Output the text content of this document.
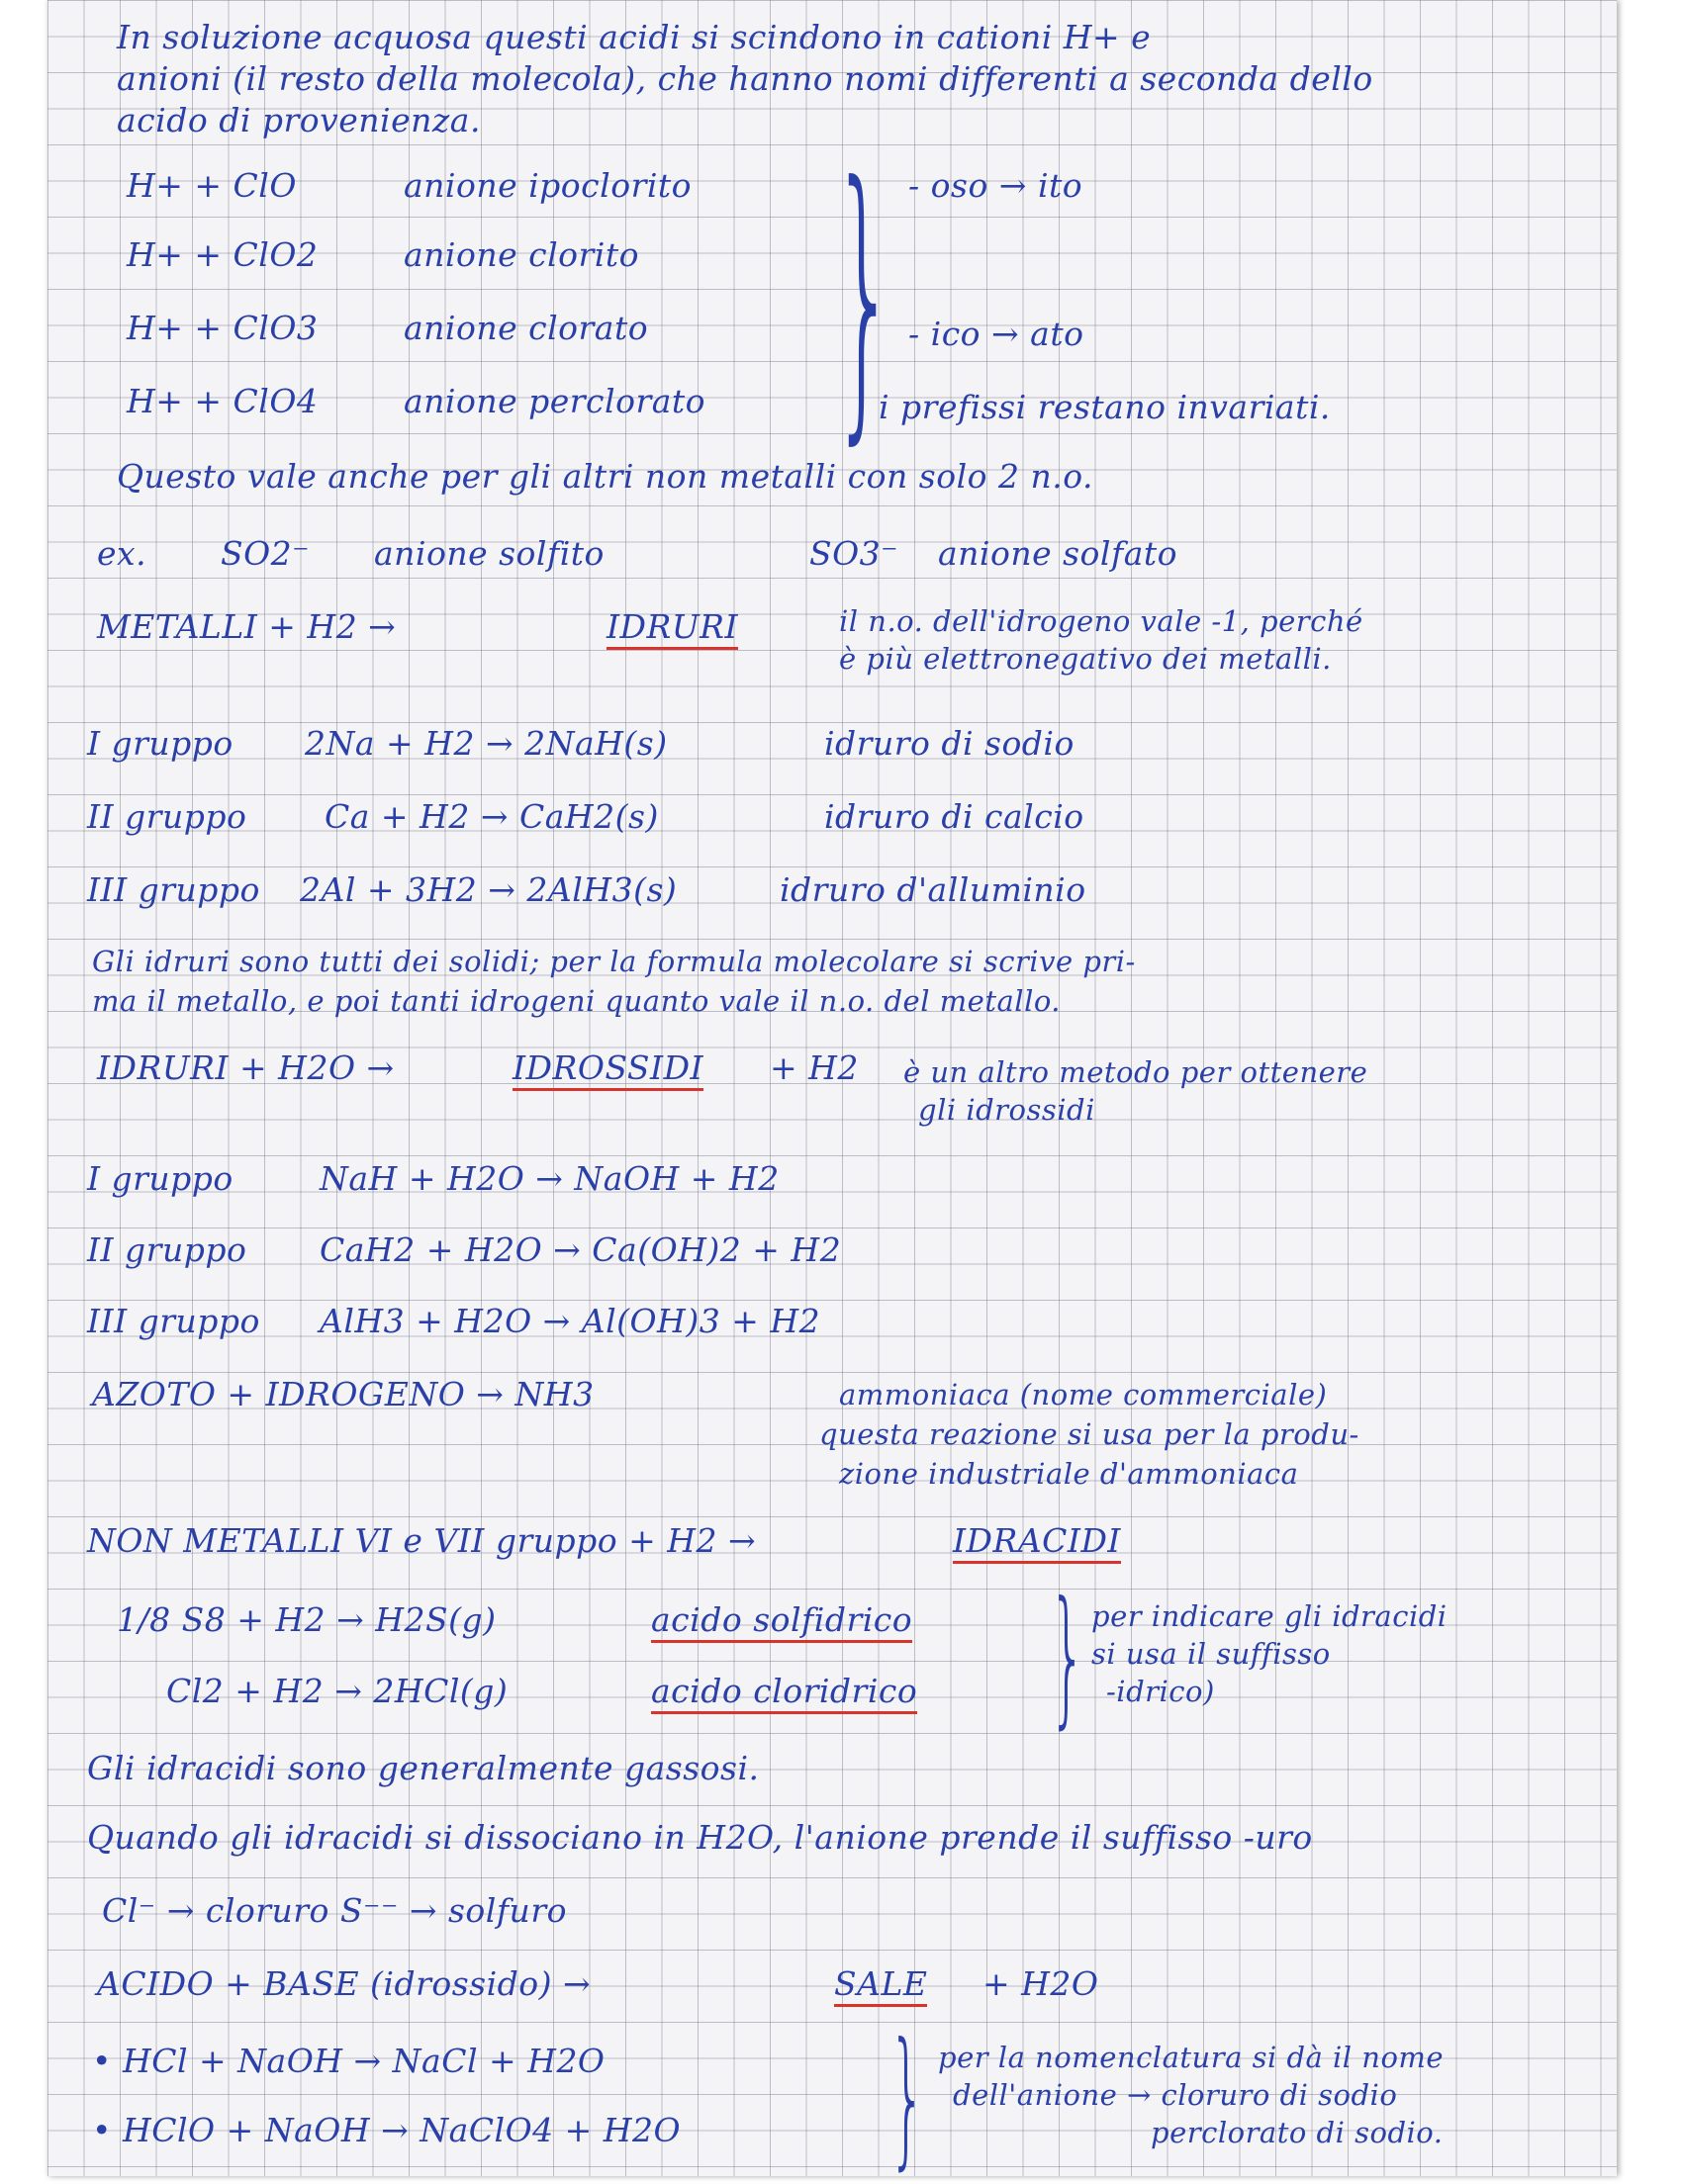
In soluzione acquosa questi acidi si scindono in cationi H+ e
anioni (il resto della molecola), che hanno nomi differenti a seconda dello
acido di provenienza.
H+ + ClO	anione ipoclorito
H+ + ClO2	anione clorito
H+ + ClO3	anione clorato
H+ + ClO4	anione perclorato } - oso → ito
- ico → ato
i prefissi restano invariati.
Questo vale anche per gli altri non metalli con solo 2 n.o.
ex. SO2⁻ anione solfito	SO3⁻ anione solfato
METALLI + H2 →	IDRURI	il n.o. dell'idrogeno vale -1, perché
è più elettronegativo dei metalli.
I gruppo 2Na + H2 → 2NaH(s)	idruro di sodio
II gruppo Ca + H2 → CaH2(s)	idruro di calcio
III gruppo 2Al + 3H2 → 2AlH3(s)	idruro d'alluminio
Gli idruri sono tutti dei solidi; per la formula molecolare si scrive pri-
ma il metallo, e poi tanti idrogeni quanto vale il n.o. del metallo.
IDRURI + H2O →	IDROSSIDI + H2 è un altro metodo per ottenere
gli idrossidi
I gruppo	NaH + H2O → NaOH + H2
II gruppo CaH2 + H2O → Ca(OH)2 + H2
III gruppo AlH3 + H2O → Al(OH)3 + H2
AZOTO + IDROGENO → NH3	ammoniaca (nome commerciale)
questa reazione si usa per la produ-
zione industriale d'ammoniaca
NON METALLI VI e VII gruppo + H2 →	IDRACIDI
1/8 S8 + H2 → H2S(g)	acido solfidrico
Cl2 + H2 → 2HCl(g)	acido cloridrico } per indicare gli idracidi
si usa il suffisso
-idrico)
Gli idracidi sono generalmente gassosi.
Quando gli idracidi si dissociano in H2O, l'anione prende il suffisso -uro
Cl⁻ → cloruro S⁻⁻ → solfuro
ACIDO + BASE (idrossido) →	SALE + H2O
• HCl + NaOH → NaCl + H2O
• HClO + NaOH → NaClO4 + H2O } per la nomenclatura si dà il nome
dell'anione → cloruro di sodio
perclorato di sodio.
